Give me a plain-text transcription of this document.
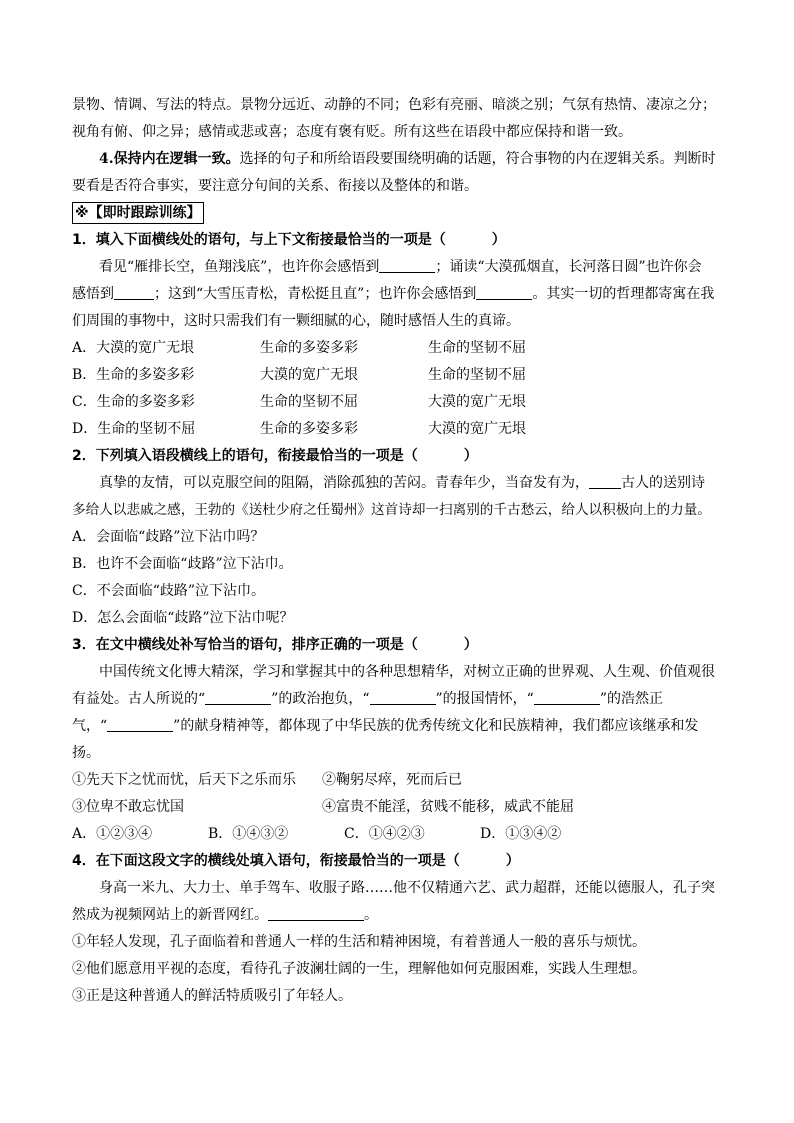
景物、情调、写法的特点。景物分远近、动静的不同；色彩有亮丽、暗淡之别；气氛有热情、凄凉之分；
视角有俯、仰之异；感情或悲或喜；态度有褒有贬。所有这些在语段中都应保持和谐一致。
4.保持内在逻辑一致。选择的句子和所给语段要围绕明确的话题，符合事物的内在逻辑关系。判断时
要看是否符合事实，要注意分句间的关系、衔接以及整体的和谐。
※【即时跟踪训练】
1．填入下面横线处的语句，与上下文衔接最恰当的一项是（	）
看见“雁排长空，鱼翔浅底”，也许你会感悟到	；诵读“大漠孤烟直，长河落日圆”也许你会
感悟到	；这到“大雪压青松，青松挺且直”；也许你会感悟到	。其实一切的哲理都寄寓在我
们周围的事物中，这时只需我们有一颗细腻的心，随时感悟人生的真谛。
A．大漠的宽广无垠	生命的多姿多彩	生命的坚韧不屈
B．生命的多姿多彩	大漠的宽广无垠	生命的坚韧不屈
C．生命的多姿多彩	生命的坚韧不屈	大漠的宽广无垠
D．生命的坚韧不屈	生命的多姿多彩	大漠的宽广无垠
2．下列填入语段横线上的语句，衔接最恰当的一项是（	）
真挚的友情，可以克服空间的阻隔，消除孤独的苦闷。青春年少，当奋发有为， 古人的送别诗
多给人以悲戚之感，王勃的《送杜少府之任蜀州》这首诗却一扫离别的千古愁云，给人以积极向上的力量。
A．会面临“歧路”泣下沾巾吗？
B．也许不会面临“歧路”泣下沾巾。
C．不会面临“歧路”泣下沾巾。
D．怎么会面临“歧路”泣下沾巾呢？
3．在文中横线处补写恰当的语句，排序正确的一项是（	）
中国传统文化博大精深，学习和掌握其中的各种思想精华，对树立正确的世界观、人生观、价值观很
有益处。古人所说的“	”的政治抱负，“	”的报国情怀，“	”的浩然正
气，“	”的献身精神等，都体现了中华民族的优秀传统文化和民族精神，我们都应该继承和发
扬。
①先天下之忧而忧，后天下之乐而乐	②鞠躬尽瘁，死而后已
③位卑不敢忘忧国	④富贵不能淫，贫贱不能移，威武不能屈
A．①②③④	B．①④③②	C．①④②③	D．①③④②
4．在下面这段文字的横线处填入语句，衔接最恰当的一项是（	）
身高一米九、大力士、单手驾车、收服子路……他不仅精通六艺、武力超群，还能以德服人，孔子突
然成为视频网站上的新晋网红。	。
①年轻人发现，孔子面临着和普通人一样的生活和精神困境，有着普通人一般的喜乐与烦忧。
②他们愿意用平视的态度，看待孔子波澜壮阔的一生，理解他如何克服困难，实践人生理想。
③正是这种普通人的鲜活特质吸引了年轻人。
